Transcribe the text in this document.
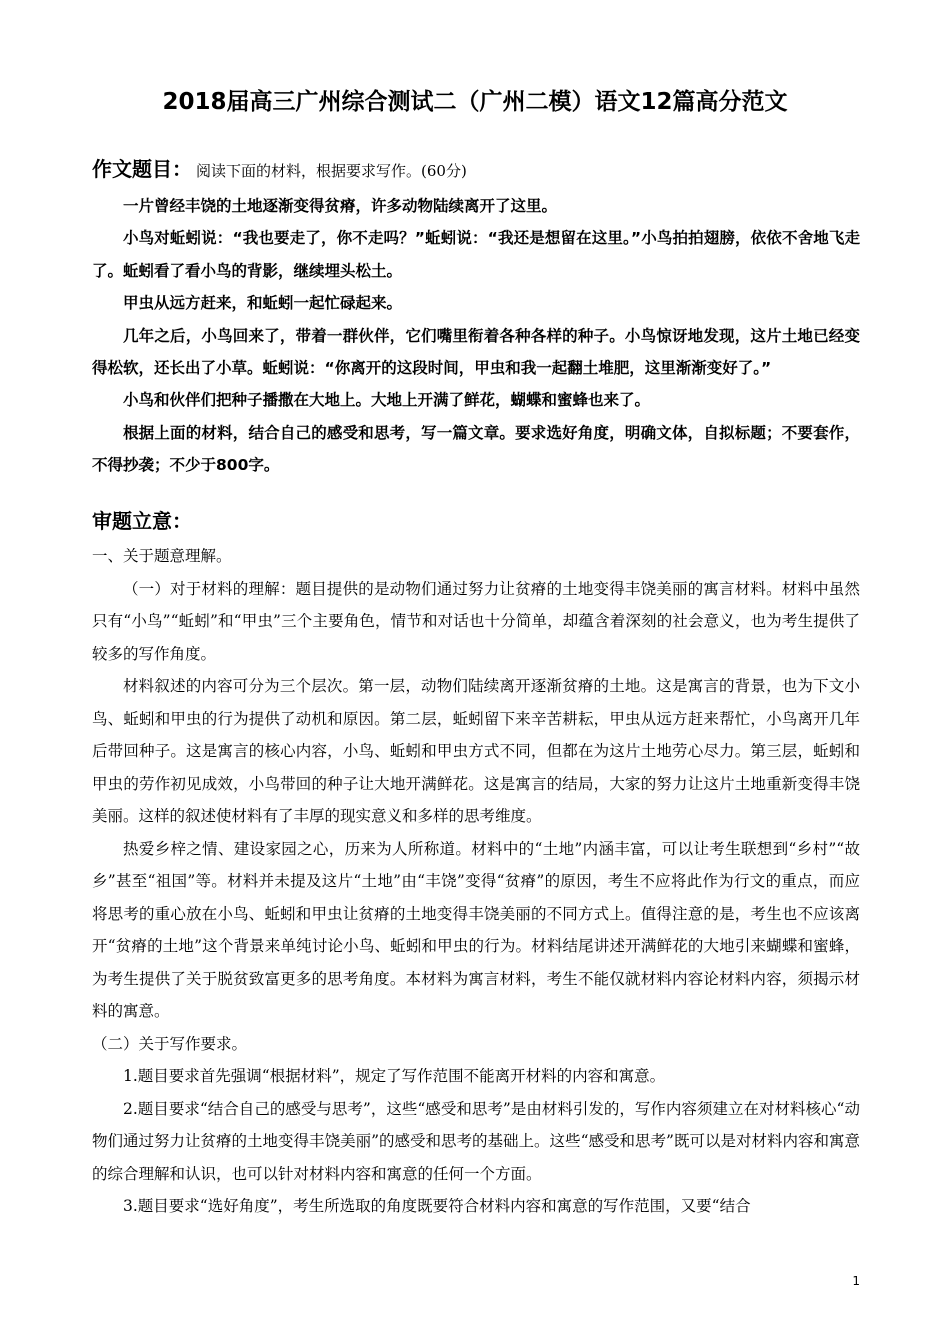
2018届高三广州综合测试二（广州二模）语文12篇高分范文
作文题目： 阅读下面的材料，根据要求写作。(60分)

一片曾经丰饶的土地逐渐变得贫瘠，许多动物陆续离开了这里。

小鸟对蚯蚓说：“我也要走了，你不走吗？”蚯蚓说：“我还是想留在这里。”小鸟拍拍翅膀，依依不舍地飞走了。蚯蚓看了看小鸟的背影，继续埋头松土。

甲虫从远方赶来，和蚯蚓一起忙碌起来。

几年之后，小鸟回来了，带着一群伙伴，它们嘴里衔着各种各样的种子。小鸟惊讶地发现，这片土地已经变得松软，还长出了小草。蚯蚓说：“你离开的这段时间，甲虫和我一起翻土堆肥，这里渐渐变好了。”

小鸟和伙伴们把种子播撒在大地上。大地上开满了鲜花，蝴蝶和蜜蜂也来了。

根据上面的材料，结合自己的感受和思考，写一篇文章。要求选好角度，明确文体，自拟标题；不要套作，不得抄袭；不少于800字。

审题立意：

一、关于题意理解。

（一）对于材料的理解：题目提供的是动物们通过努力让贫瘠的土地变得丰饶美丽的寓言材料。材料中虽然只有“小鸟”“蚯蚓”和“甲虫”三个主要角色，情节和对话也十分简单，却蕴含着深刻的社会意义，也为考生提供了较多的写作角度。

材料叙述的内容可分为三个层次。第一层，动物们陆续离开逐渐贫瘠的土地。这是寓言的背景，也为下文小鸟、蚯蚓和甲虫的行为提供了动机和原因。第二层，蚯蚓留下来辛苦耕耘，甲虫从远方赶来帮忙，小鸟离开几年后带回种子。这是寓言的核心内容，小鸟、蚯蚓和甲虫方式不同，但都在为这片土地劳心尽力。第三层，蚯蚓和甲虫的劳作初见成效，小鸟带回的种子让大地开满鲜花。这是寓言的结局，大家的努力让这片土地重新变得丰饶美丽。这样的叙述使材料有了丰厚的现实意义和多样的思考维度。

热爱乡梓之情、建设家园之心，历来为人所称道。材料中的“土地”内涵丰富，可以让考生联想到“乡村”“故乡”甚至“祖国”等。材料并未提及这片“土地”由“丰饶”变得“贫瘠”的原因，考生不应将此作为行文的重点，而应将思考的重心放在小鸟、蚯蚓和甲虫让贫瘠的土地变得丰饶美丽的不同方式上。值得注意的是，考生也不应该离开“贫瘠的土地”这个背景来单纯讨论小鸟、蚯蚓和甲虫的行为。材料结尾讲述开满鲜花的大地引来蝴蝶和蜜蜂，为考生提供了关于脱贫致富更多的思考角度。本材料为寓言材料，考生不能仅就材料内容论材料内容，须揭示材料的寓意。

（二）关于写作要求。

1.题目要求首先强调“根据材料”，规定了写作范围不能离开材料的内容和寓意。

2.题目要求“结合自己的感受与思考”，这些“感受和思考”是由材料引发的，写作内容须建立在对材料核心“动物们通过努力让贫瘠的土地变得丰饶美丽”的感受和思考的基础上。这些“感受和思考”既可以是对材料内容和寓意的综合理解和认识，也可以针对材料内容和寓意的任何一个方面。

3.题目要求“选好角度”，考生所选取的角度既要符合材料内容和寓意的写作范围，又要“结合

1
